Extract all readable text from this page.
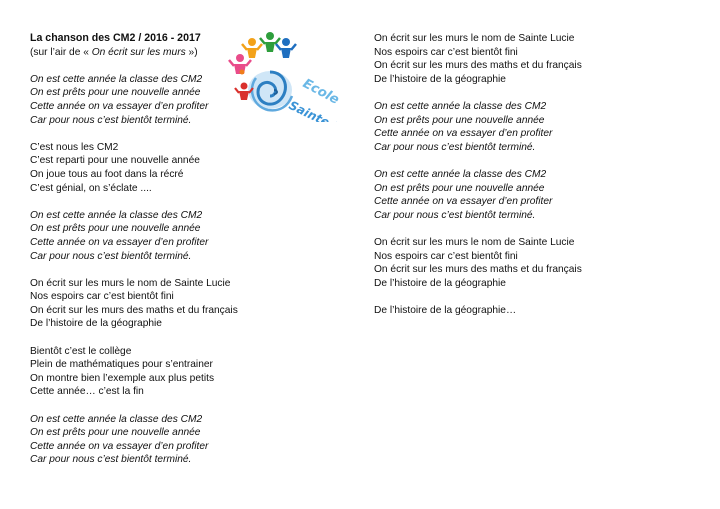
La chanson des CM2 / 2016 - 2017
(sur l’air de « On écrit sur les murs »)
On est cette année la classe des CM2
On est prêts pour une nouvelle année
Cette année on va essayer d’en profiter
Car pour nous c’est bientôt terminé.
C’est nous les CM2
C’est reparti pour une nouvelle année
On joue tous au foot dans la récré
C’est génial, on s’éclate ....
On est cette année la classe des CM2
On est prêts pour une nouvelle année
Cette année on va essayer d’en profiter
Car pour nous c’est bientôt terminé.
On écrit sur les murs le nom de Sainte Lucie
Nos espoirs car c’est bientôt fini
On écrit sur les murs des maths et du français
De l’histoire de la géographie
Bientôt c’est le collège
Plein de mathématiques pour s’entrainer
On montre bien l’exemple aux plus petits
Cette année… c’est la fin
On est cette année la classe des CM2
On est prêts pour une nouvelle année
Cette année on va essayer d’en profiter
Car pour nous c’est bientôt terminé.
On écrit sur les murs le nom de Sainte Lucie
Nos espoirs car c’est bientôt fini
On écrit sur les murs des maths et du français
De l’histoire de la géographie
On est cette année la classe des CM2
On est prêts pour une nouvelle année
Cette année on va essayer d’en profiter
Car pour nous c’est bientôt terminé.
On est cette année la classe des CM2
On est prêts pour une nouvelle année
Cette année on va essayer d’en profiter
Car pour nous c’est bientôt terminé.
On écrit sur les murs le nom de Sainte Lucie
Nos espoirs car c’est bientôt fini
On écrit sur les murs des maths et du français
De l’histoire de la géographie
De l’histoire de la géographie…
Ecole
